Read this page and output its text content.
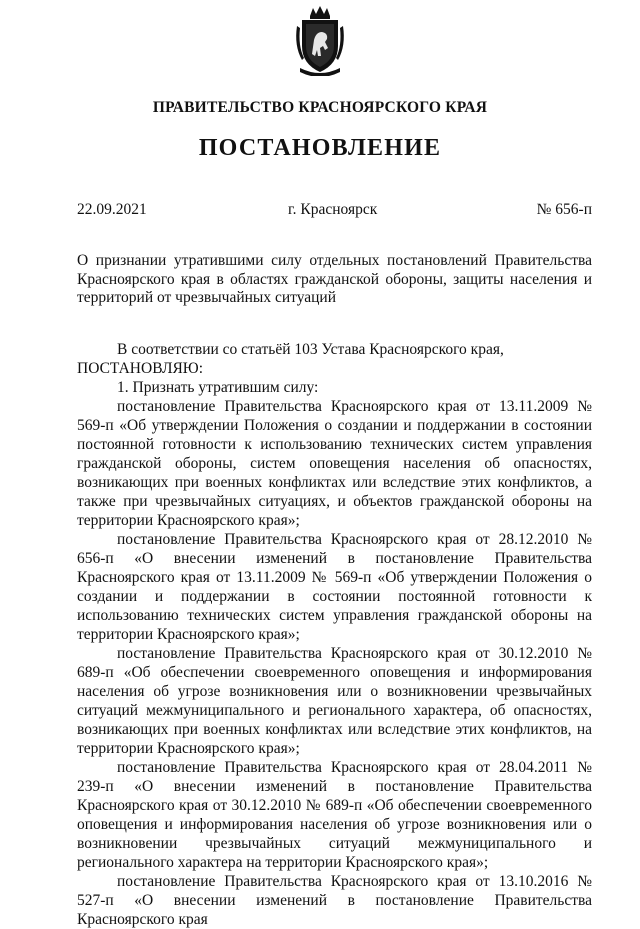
ПРАВИТЕЛЬСТВО КРАСНОЯРСКОГО КРАЯ
ПОСТАНОВЛЕНИЕ
22.09.2021	г. Красноярск	№ 656-п
О признании утратившими силу отдельных постановлений Правительства Красноярского края в областях гражданской обороны, защиты населения и территорий от чрезвычайных ситуаций

В соответствии со статьёй 103 Устава Красноярского края,

ПОСТАНОВЛЯЮ:

1. Признать утратившим силу:

постановление Правительства Красноярского края от 13.11.2009 № 569-п «Об утверждении Положения о создании и поддержании в состоянии постоянной готовности к использованию технических систем управления гражданской обороны, систем оповещения населения об опасностях, возникающих при военных конфликтах или вследствие этих конфликтов, а также при чрезвычайных ситуациях, и объектов гражданской обороны на территории Красноярского края»;

постановление Правительства Красноярского края от 28.12.2010 № 656-п «О внесении изменений в постановление Правительства Красноярского края от 13.11.2009 № 569-п «Об утверждении Положения о создании и поддержании в состоянии постоянной готовности к использованию технических систем управления гражданской обороны на территории Красноярского края»;

постановление Правительства Красноярского края от 30.12.2010 № 689-п «Об обеспечении своевременного оповещения и информирования населения об угрозе возникновения или о возникновении чрезвычайных ситуаций межмуниципального и регионального характера, об опасностях, возникающих при военных конфликтах или вследствие этих конфликтов, на территории Красноярского края»;

постановление Правительства Красноярского края от 28.04.2011 № 239-п «О внесении изменений в постановление Правительства Красноярского края от 30.12.2010 № 689-п «Об обеспечении своевременного оповещения и информирования населения об угрозе возникновения или о возникновении чрезвычайных ситуаций межмуниципального и регионального характера на территории Красноярского края»;

постановление Правительства Красноярского края от 13.10.2016 № 527-п «О внесении изменений в постановление Правительства Красноярского края
